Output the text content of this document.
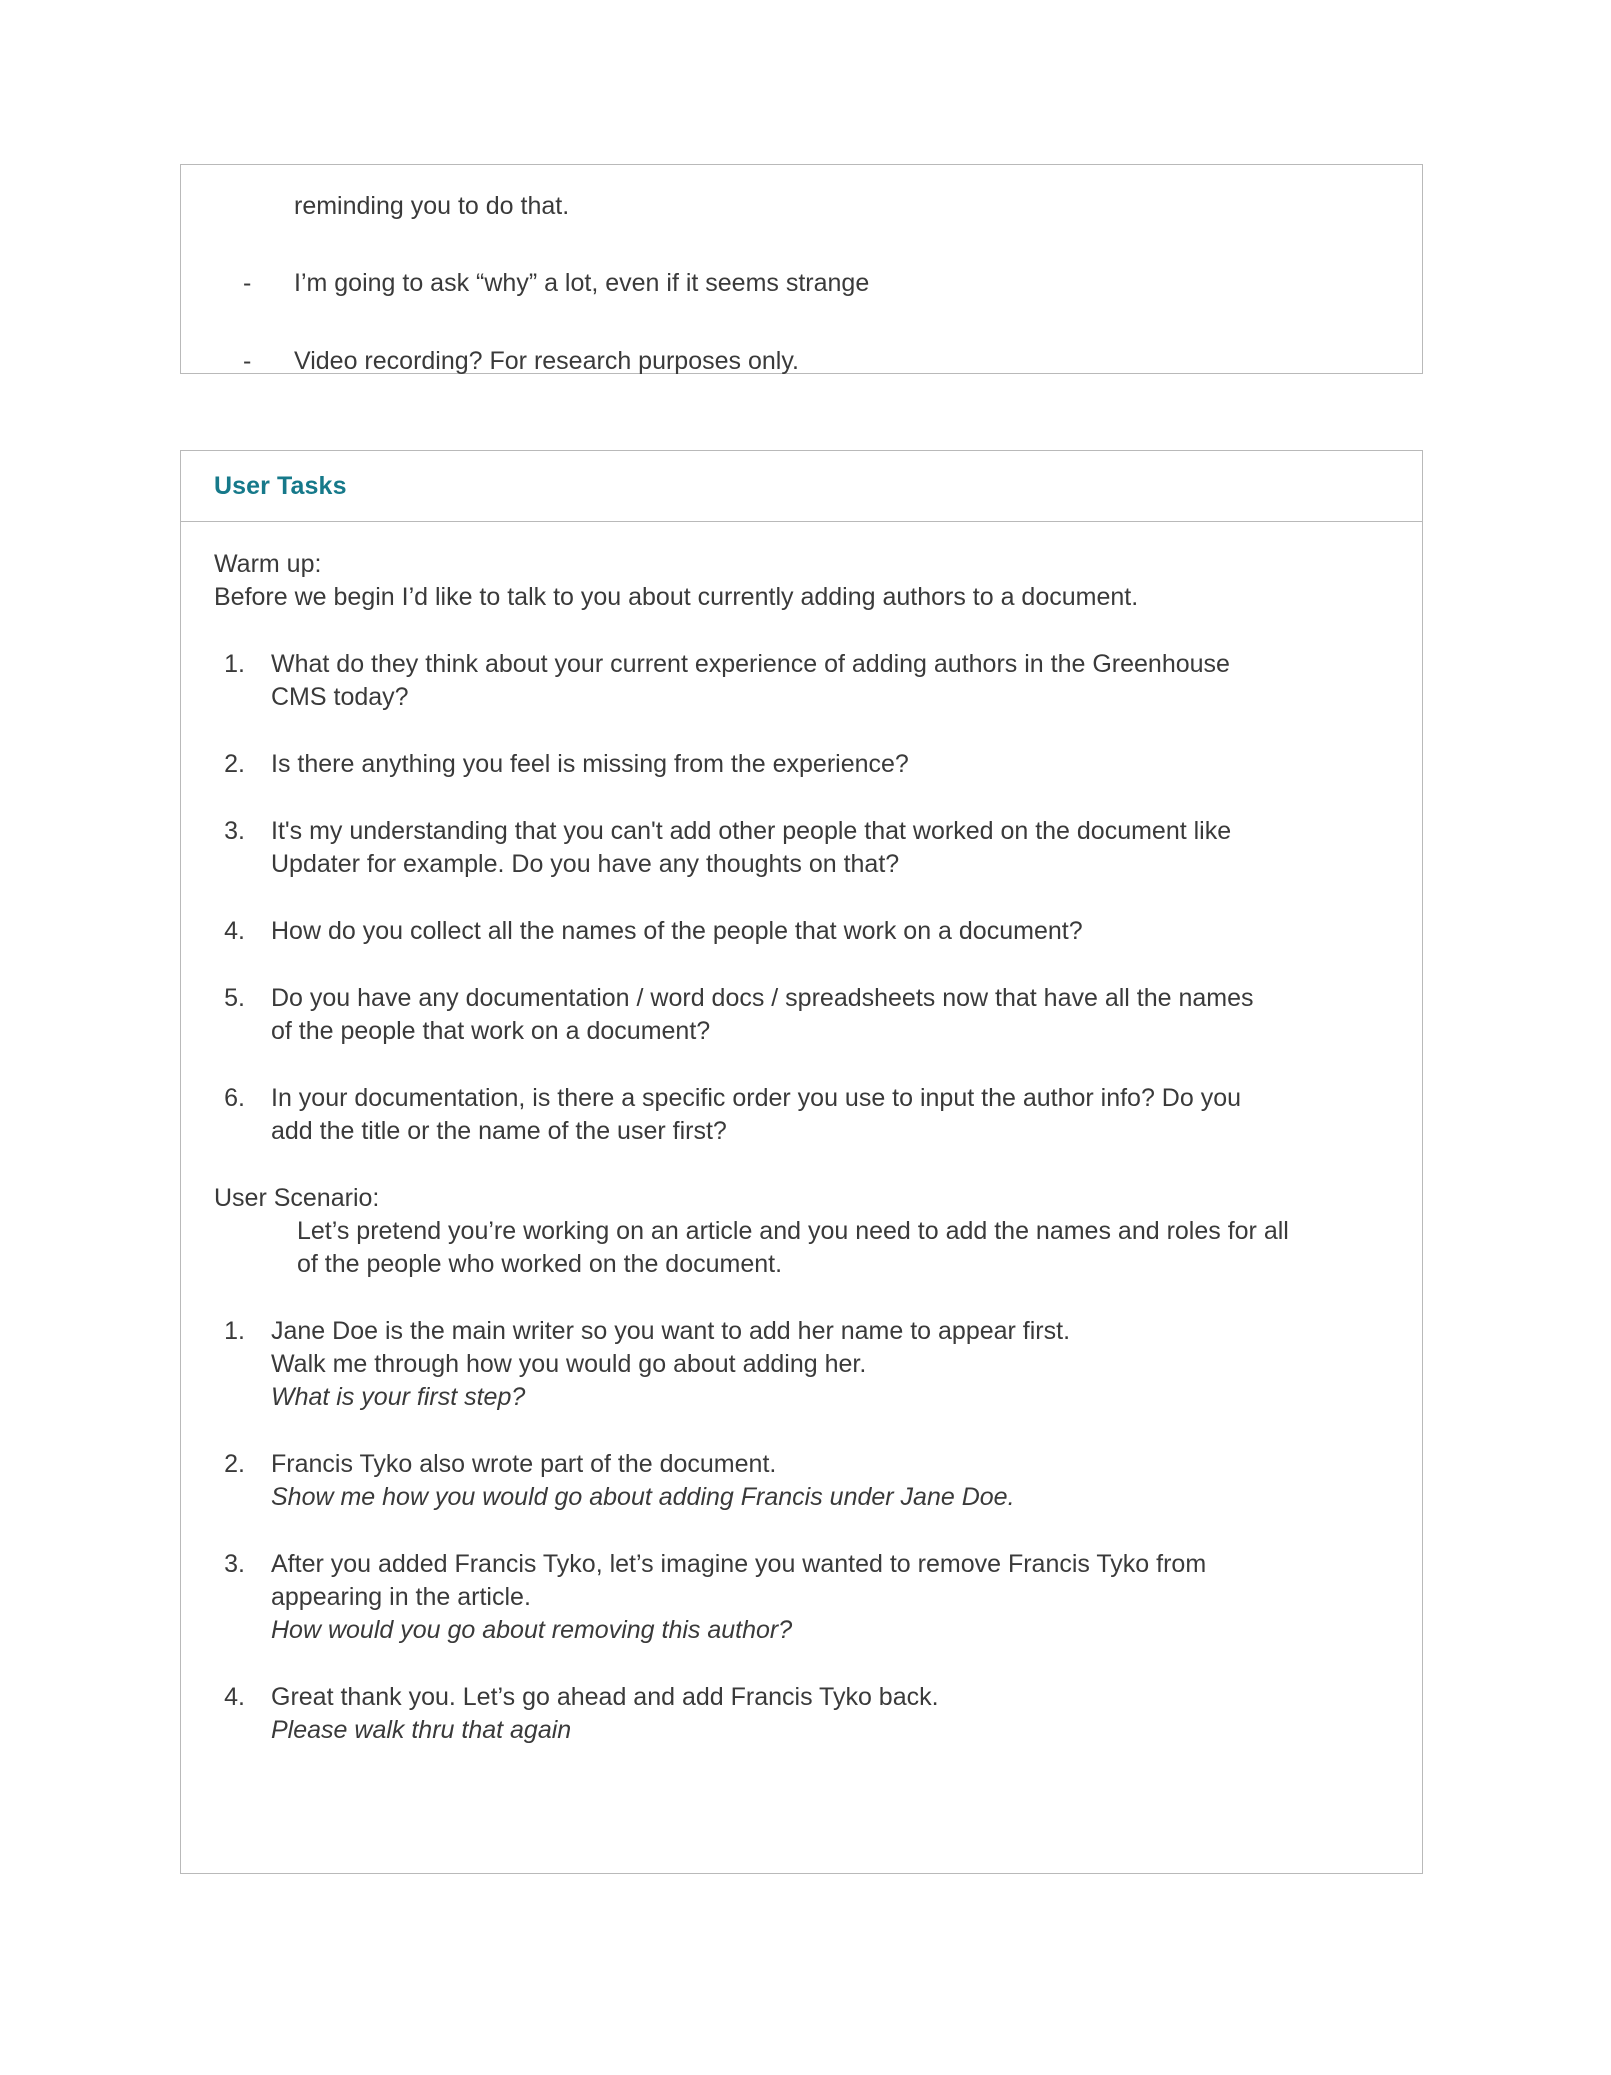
reminding you to do that.
-	I’m going to ask “why” a lot, even if it seems strange
-	Video recording? For research purposes only.
User Tasks
Warm up:
Before we begin I’d like to talk to you about currently adding authors to a document.
1.	What do they think about your current experience of adding authors in the Greenhouse CMS today?
2.	Is there anything you feel is missing from the experience?
3.	It's my understanding that you can't add other people that worked on the document like Updater for example. Do you have any thoughts on that?
4.	How do you collect all the names of the people that work on a document?
5.	Do you have any documentation / word docs / spreadsheets now that have all the names of the people that work on a document?
6.	In your documentation, is there a specific order you use to input the author info? Do you add the title or the name of the user first?
User Scenario:
Let’s pretend you’re working on an article and you need to add the names and roles for all of the people who worked on the document.
1.	Jane Doe is the main writer so you want to add her name to appear first.
Walk me through how you would go about adding her.
What is your first step?
2.	Francis Tyko also wrote part of the document.
Show me how you would go about adding Francis under Jane Doe.
3.	After you added Francis Tyko, let’s imagine you wanted to remove Francis Tyko from appearing in the article.
How would you go about removing this author?
4.	Great thank you. Let’s go ahead and add Francis Tyko back.
Please walk thru that again
